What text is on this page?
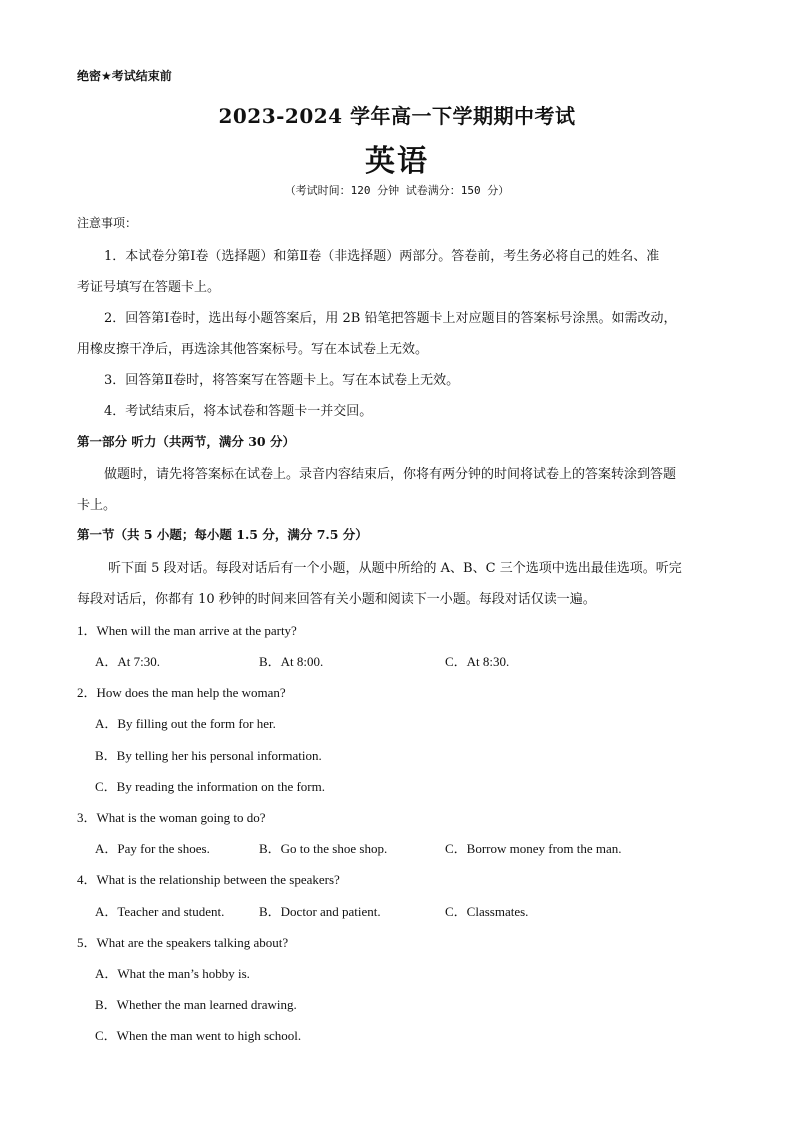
绝密★考试结束前
2023-2024 学年高一下学期期中考试
英语
（考试时间：120 分钟 试卷满分：150 分）
注意事项：
1．本试卷分第Ⅰ卷（选择题）和第Ⅱ卷（非选择题）两部分。答卷前，考生务必将自己的姓名、准
考证号填写在答题卡上。
2．回答第Ⅰ卷时，选出每小题答案后，用 2B 铅笔把答题卡上对应题目的答案标号涂黑。如需改动，
用橡皮擦干净后，再选涂其他答案标号。写在本试卷上无效。
3．回答第Ⅱ卷时，将答案写在答题卡上。写在本试卷上无效。
4．考试结束后，将本试卷和答题卡一并交回。
第一部分 听力（共两节，满分 30 分）
做题时，请先将答案标在试卷上。录音内容结束后，你将有两分钟的时间将试卷上的答案转涂到答题
卡上。
第一节（共 5 小题；每小题 1.5 分，满分 7.5 分）
听下面 5 段对话。每段对话后有一个小题，从题中所给的 A、B、C 三个选项中选出最佳选项。听完
每段对话后，你都有 10 秒钟的时间来回答有关小题和阅读下一小题。每段对话仅读一遍。
1．When will the man arrive at the party?
A．At 7:30.	B．At 8:00.	C．At 8:30.
2．How does the man help the woman?
A．By filling out the form for her.
B．By telling her his personal information.
C．By reading the information on the form.
3．What is the woman going to do?
A．Pay for the shoes.	B．Go to the shoe shop.	C．Borrow money from the man.
4．What is the relationship between the speakers?
A．Teacher and student.	B．Doctor and patient.	C．Classmates.
5．What are the speakers talking about?
A．What the man’s hobby is.
B．Whether the man learned drawing.
C．When the man went to high school.
